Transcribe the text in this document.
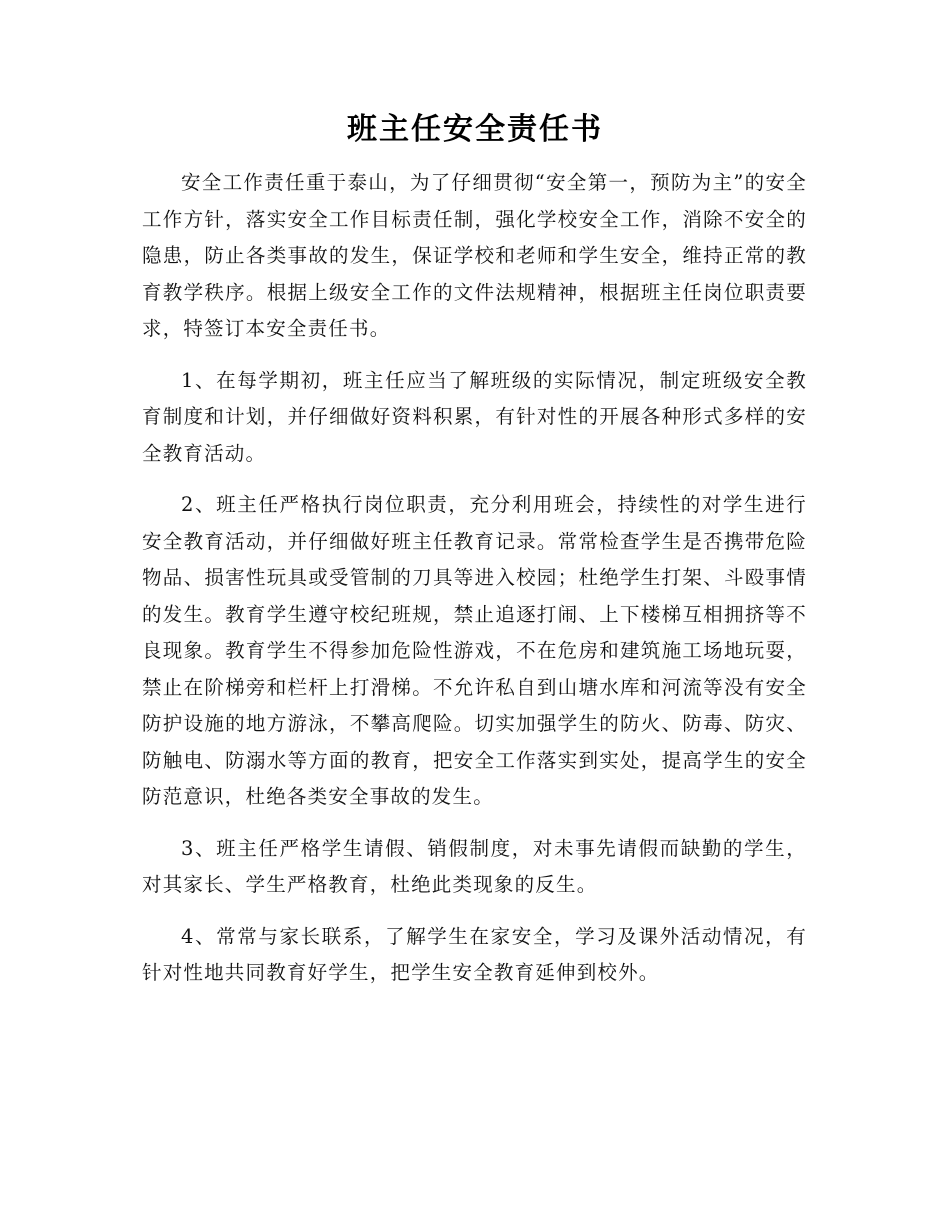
班主任安全责任书

安全工作责任重于泰山，为了仔细贯彻“安全第一，预防为主”的安全工作方针，落实安全工作目标责任制，强化学校安全工作，消除不安全的隐患，防止各类事故的发生，保证学校和老师和学生安全，维持正常的教育教学秩序。根据上级安全工作的文件法规精神，根据班主任岗位职责要求，特签订本安全责任书。

1、在每学期初，班主任应当了解班级的实际情况，制定班级安全教育制度和计划，并仔细做好资料积累，有针对性的开展各种形式多样的安全教育活动。

2、班主任严格执行岗位职责，充分利用班会，持续性的对学生进行安全教育活动，并仔细做好班主任教育记录。常常检查学生是否携带危险物品、损害性玩具或受管制的刀具等进入校园；杜绝学生打架、斗殴事情的发生。教育学生遵守校纪班规，禁止追逐打闹、上下楼梯互相拥挤等不良现象。教育学生不得参加危险性游戏，不在危房和建筑施工场地玩耍，禁止在阶梯旁和栏杆上打滑梯。不允许私自到山塘水库和河流等没有安全防护设施的地方游泳，不攀高爬险。切实加强学生的防火、防毒、防灾、防触电、防溺水等方面的教育，把安全工作落实到实处，提高学生的安全防范意识，杜绝各类安全事故的发生。

3、班主任严格学生请假、销假制度，对未事先请假而缺勤的学生，对其家长、学生严格教育，杜绝此类现象的反生。

4、常常与家长联系，了解学生在家安全，学习及课外活动情况，有针对性地共同教育好学生，把学生安全教育延伸到校外。
